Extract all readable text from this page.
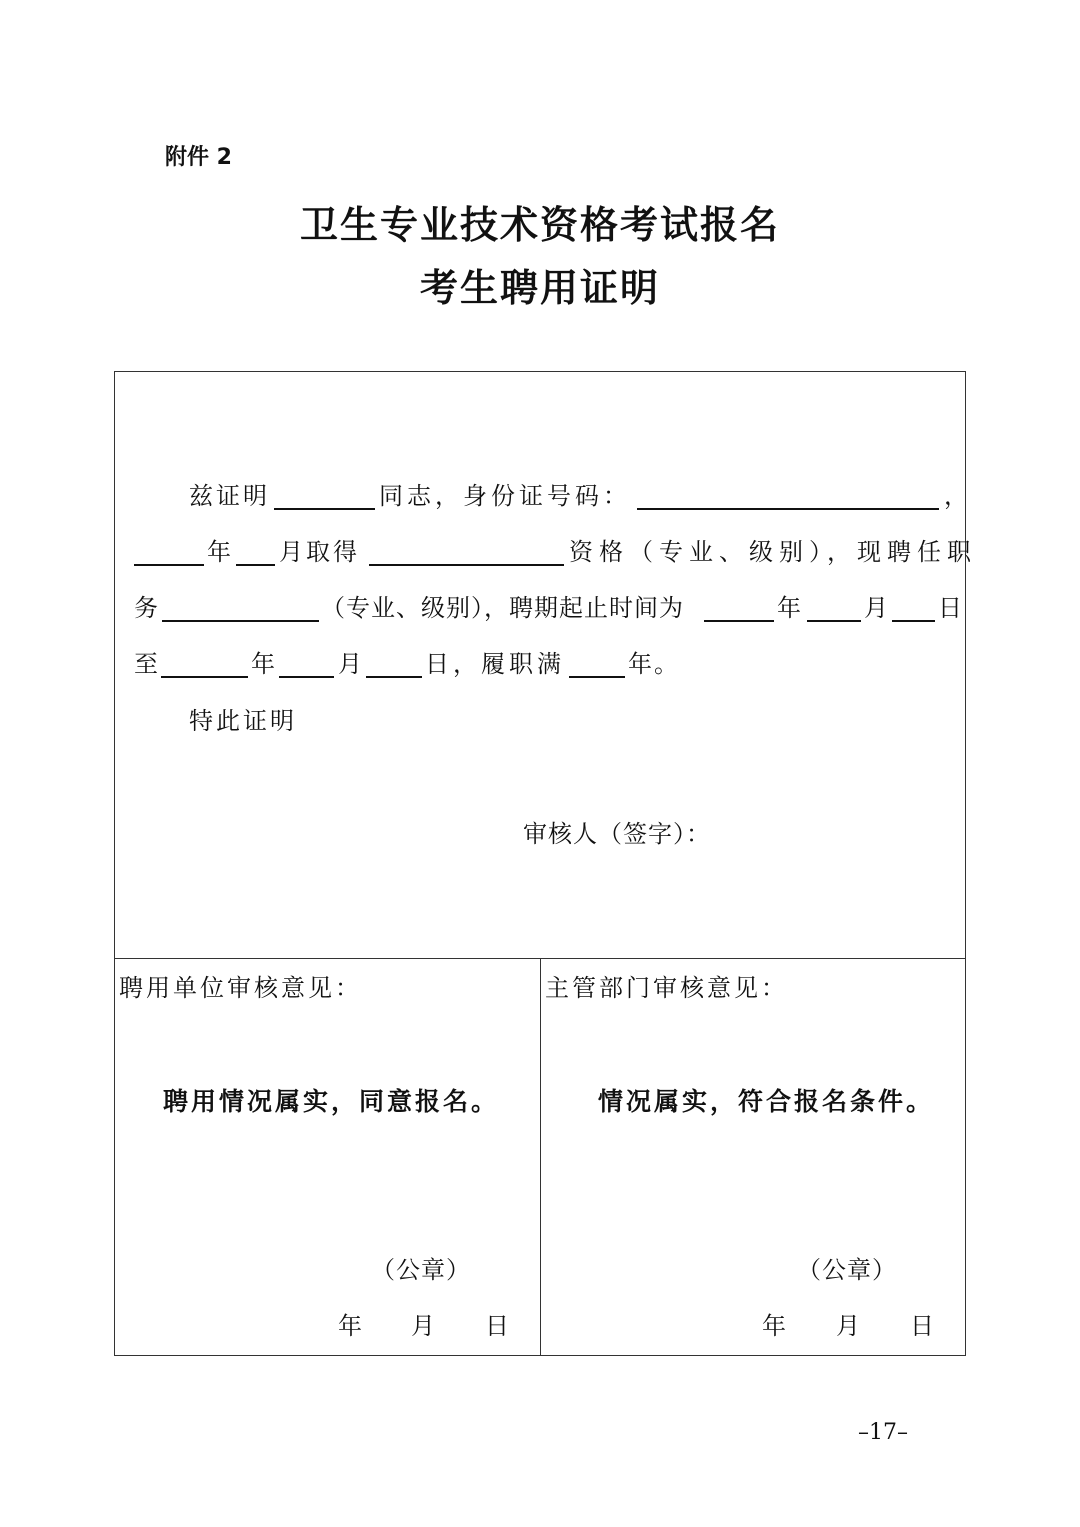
附件 2
卫生专业技术资格考试报名
考生聘用证明
兹证明	同志，身份证号码：	，
年 月取得	资格（专业、级别），现聘任职
务	（专业、级别），聘期起止时间为	年	月 日
至	年	月	日，履职满	年。
特此证明
审核人（签字）：
聘用单位审核意见：
聘用情况属实，同意报名。
（公章）
年 月 日
主管部门审核意见：
情况属实，符合报名条件。
（公章）
年 月 日
–17–
